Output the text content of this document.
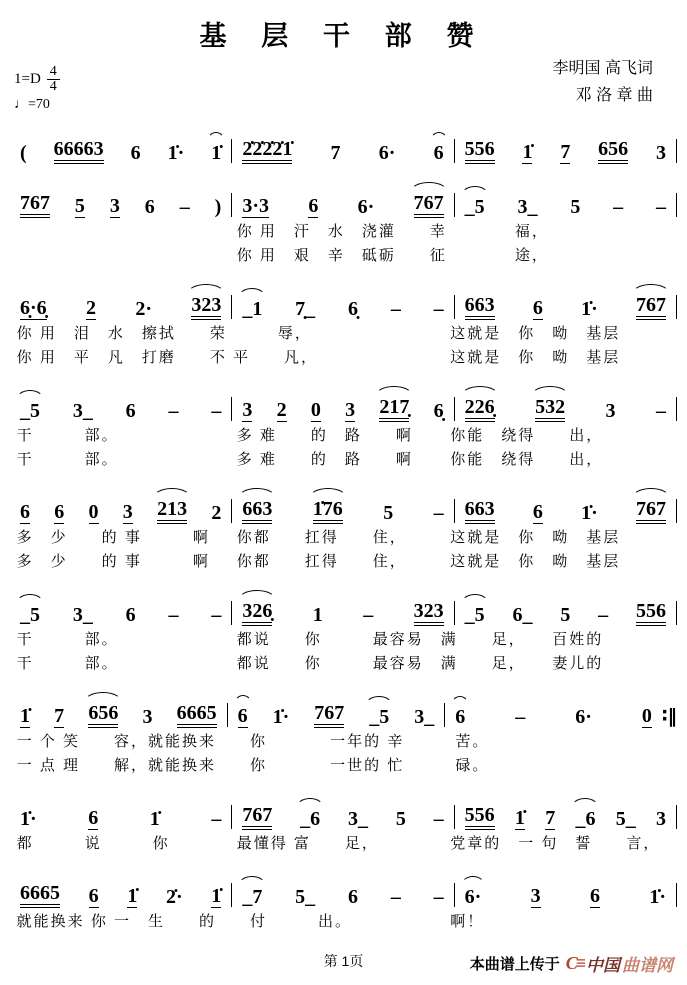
基 层 干 部 赞
$1=D \frac{4}{4}$
♩=70
李明国 高飞词
邓 洛 章 曲
( 66663 6 1̇· 1̇ 2̇2̇2̇2̇1̇ 7 6· 6 556 1̇ 7 656 3
767 5 3 6 – ) 3·3 6 6· 767 _5 3_ 5 – –
你 用　汗　水　浇灌　　幸　　　　福，
你 用　艰　辛　砥砺　　征　　　　途，
6̣·6̣ 2 2· 323 _1 7̣_ 6̣ – – 663 6 1̇· 767
你 用　泪　水　擦拭　　荣　　　辱，	这就是　你　呦　基层
你 用　平　凡　打磨　　不 平　　凡，	这就是　你　呦　基层
_5 3_ 6 – – 3 2 0 3 217̣ 6̣ 226̣ 532 3 –
干　　　部。	多 难　　的　路　　啊 你能　绕得　　出，
干　　　部。	多 难　　的　路　　啊 你能　绕得　　出，
6 6 0 3 213 2 663 1̇76 5 – 663 6 1̇· 767
多　少　　的 事　　　啊 你都　　扛得　　住，	这就是　你　呦　基层
多　少　　的 事　　　啊 你都　　扛得　　住，	这就是　你　呦　基层
_5 3_ 6 – – 326̣ 1 – 323 _5 6_ 5 – 556
干　　　部。	都说　　你　　　最容易　满　　足，　　百姓的
干　　　部。	都说　　你　　　最容易　满　　足，　　妻儿的
1̇ 7 656 3 6665 6 1̇· 767 _5 3_ 6 – 6· 0 ∶‖
一 个 笑　　容，就能换来　　你	一年的 辛　　　苦。
一 点 理　　解，就能换来　　你	一世的 忙　　　碌。
1̇·	6	1̇	– 767 _6 3_ 5 – 556 1̇ 7 _6 5_ 3
都　　　说　　　你	最懂得 富　　足，	党章的　一 句　誓　　言，
6665 6 1̇ 2̇· 1̇ _7 5_ 6 – – 6· 3 6 1̇·
就能换来 你 一　生　　的　　付　　　出。	啊！
第 1页	本曲谱上传于 C≡ 中国 曲谱网
